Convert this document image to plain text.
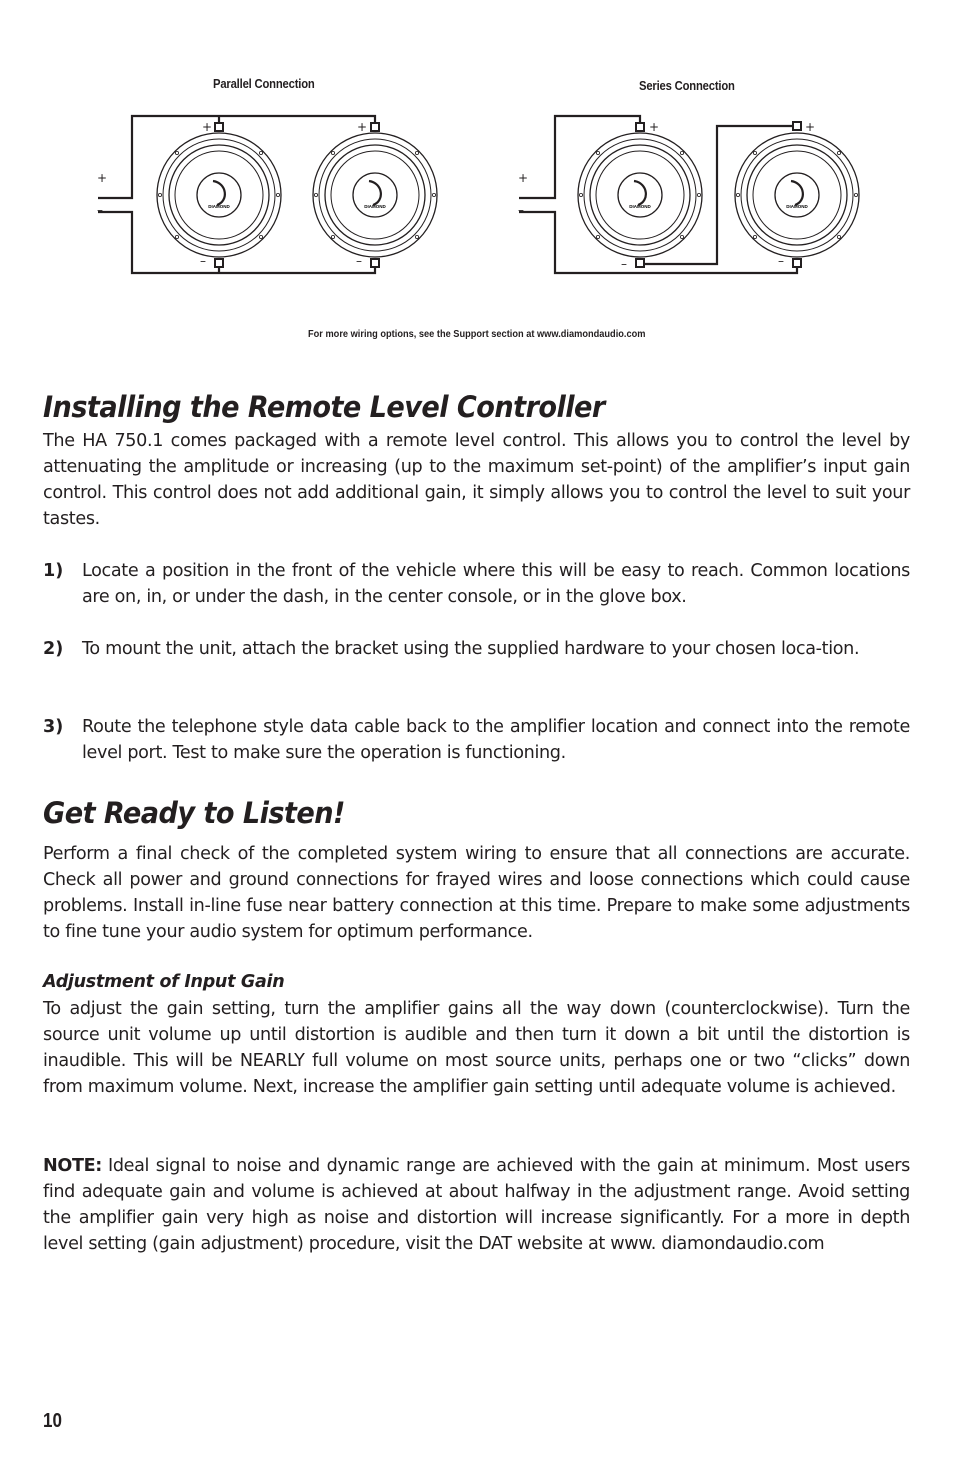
Parallel Connection	Series Connection
DIAMOND	DIAMOND	DIAMOND	DIAMOND
+	+	+	+
–	–	–	–
+
–
+
–
For more wiring options, see the Support section at www.diamondaudio.com
Installing the Remote Level Controller

The HA 750.1 comes packaged with a remote level control. This allows you to control the level by attenuating the amplitude or increasing (up to the maximum set-point) of the amplifier’s input gain control. This control does not add additional gain, it simply allows you to control the level to suit your tastes.

1) Locate a position in the front of the vehicle where this will be easy to reach. Common locations are on, in, or under the dash, in the center console, or in the glove box.

2) To mount the unit, attach the bracket using the supplied hardware to your chosen loca-tion.

3) Route the telephone style data cable back to the amplifier location and connect into the remote level port. Test to make sure the operation is functioning.

Get Ready to Listen!

Perform a final check of the completed system wiring to ensure that all connections are accurate. Check all power and ground connections for frayed wires and loose connections which could cause problems. Install in-line fuse near battery connection at this time. Prepare to make some adjustments to fine tune your audio system for optimum performance.

Adjustment of Input Gain

To adjust the gain setting, turn the amplifier gains all the way down (counterclockwise). Turn the source unit volume up until distortion is audible and then turn it down a bit until the distortion is inaudible. This will be NEARLY full volume on most source units, perhaps one or two “clicks” down from maximum volume. Next, increase the amplifier gain setting until adequate volume is achieved.

NOTE: Ideal signal to noise and dynamic range are achieved with the gain at minimum. Most users find adequate gain and volume is achieved at about halfway in the adjustment range. Avoid setting the amplifier gain very high as noise and distortion will increase significantly. For a more in depth level setting (gain adjustment) procedure, visit the DAT website at www. diamondaudio.com

10
